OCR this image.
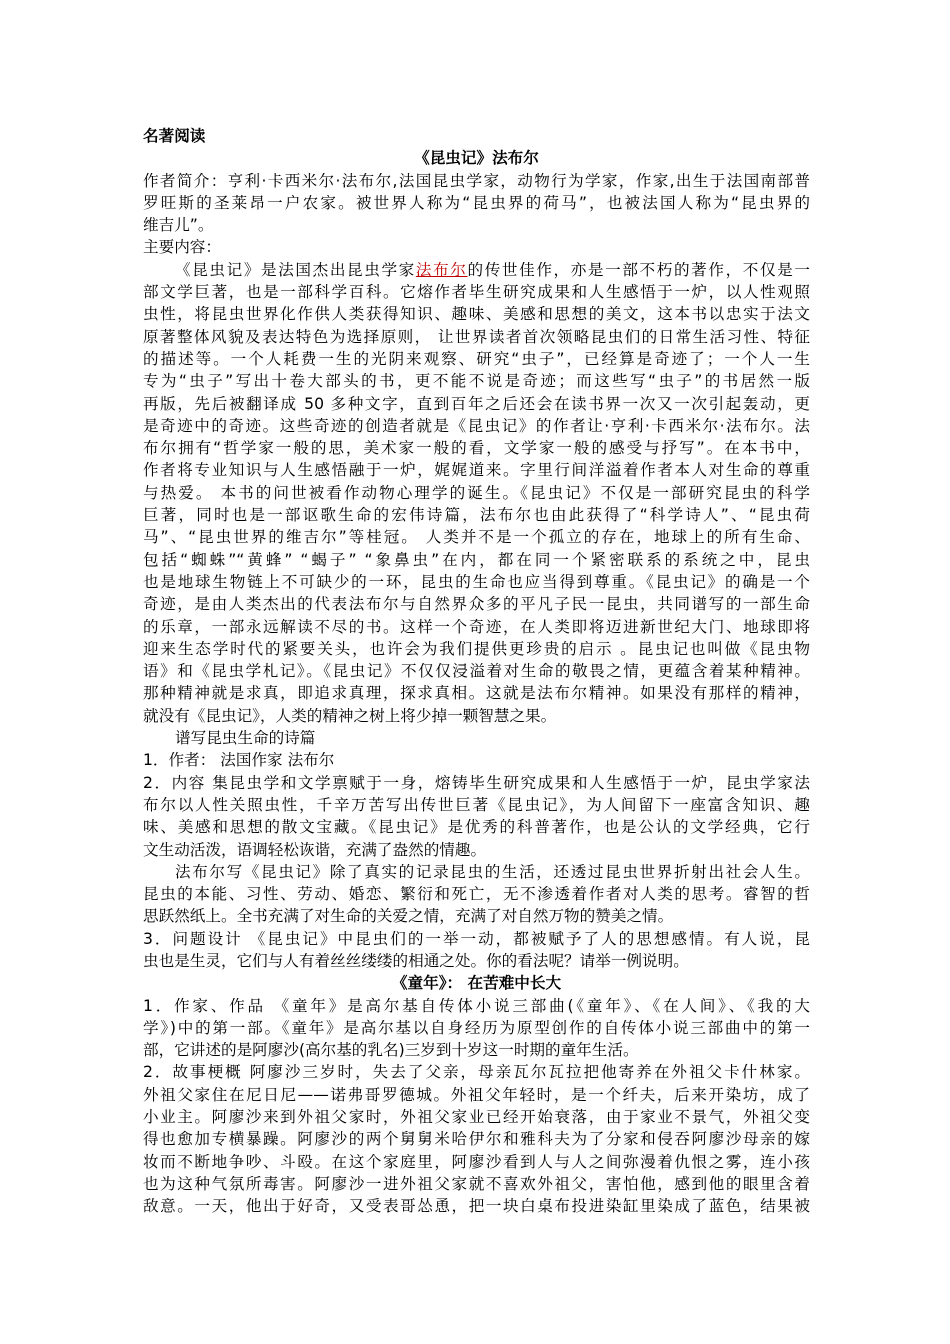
名著阅读
《昆虫记》法布尔
作者简介：亨利·卡西米尔·法布尔,法国昆虫学家，动物行为学家，作家,出生于法国南部普
罗旺斯的圣莱昂一户农家。被世界人称为“昆虫界的荷马”，也被法国人称为“昆虫界的
维吉儿”。
主要内容：
《昆虫记》是法国杰出昆虫学家法布尔的传世佳作，亦是一部不朽的著作，不仅是一
部文学巨著，也是一部科学百科。它熔作者毕生研究成果和人生感悟于一炉，以人性观照
虫性，将昆虫世界化作供人类获得知识、趣味、美感和思想的美文，这本书以忠实于法文
原著整体风貌及表达特色为选择原则， 让世界读者首次领略昆虫们的日常生活习性、特征
的描述等。一个人耗费一生的光阴来观察、研究“虫子”，已经算是奇迹了；一个人一生
专为“虫子”写出十卷大部头的书，更不能不说是奇迹；而这些写“虫子”的书居然一版
再版，先后被翻译成 50 多种文字，直到百年之后还会在读书界一次又一次引起轰动，更
是奇迹中的奇迹。这些奇迹的创造者就是《昆虫记》的作者让·亨利·卡西米尔·法布尔。法
布尔拥有“哲学家一般的思，美术家一般的看，文学家一般的感受与抒写”。在本书中，
作者将专业知识与人生感悟融于一炉，娓娓道来。字里行间洋溢着作者本人对生命的尊重
与热爱。 本书的问世被看作动物心理学的诞生。《昆虫记》不仅是一部研究昆虫的科学
巨著，同时也是一部讴歌生命的宏伟诗篇，法布尔也由此获得了“科学诗人”、“昆虫荷
马”、“昆虫世界的维吉尔”等桂冠。 人类并不是一个孤立的存在，地球上的所有生命、
包括“蜘蛛”“黄蜂” “蝎子” “象鼻虫”在内，都在同一个紧密联系的系统之中，昆虫
也是地球生物链上不可缺少的一环，昆虫的生命也应当得到尊重。《昆虫记》的确是一个
奇迹，是由人类杰出的代表法布尔与自然界众多的平凡子民一昆虫，共同谱写的一部生命
的乐章，一部永远解读不尽的书。这样一个奇迹，在人类即将迈进新世纪大门、地球即将
迎来生态学时代的紧要关头，也许会为我们提供更珍贵的启示 。昆虫记也叫做《昆虫物
语》和《昆虫学札记》。《昆虫记》不仅仅浸溢着对生命的敬畏之情，更蕴含着某种精神。
那种精神就是求真，即追求真理，探求真相。这就是法布尔精神。如果没有那样的精神，
就没有《昆虫记》，人类的精神之树上将少掉一颗智慧之果。
谱写昆虫生命的诗篇
1．作者： 法国作家 法布尔
2．内容 集昆虫学和文学禀赋于一身，熔铸毕生研究成果和人生感悟于一炉，昆虫学家法
布尔以人性关照虫性，千辛万苦写出传世巨著《昆虫记》，为人间留下一座富含知识、趣
味、美感和思想的散文宝藏。《昆虫记》是优秀的科普著作，也是公认的文学经典，它行
文生动活泼，语调轻松诙谐，充满了盎然的情趣。
法布尔写《昆虫记》除了真实的记录昆虫的生活，还透过昆虫世界折射出社会人生。
昆虫的本能、习性、劳动、婚恋、繁衍和死亡，无不渗透着作者对人类的思考。睿智的哲
思跃然纸上。全书充满了对生命的关爱之情，充满了对自然万物的赞美之情。
3．问题设计 《昆虫记》中昆虫们的一举一动，都被赋予了人的思想感情。有人说，昆
虫也是生灵，它们与人有着丝丝缕缕的相通之处。你的看法呢？请举一例说明。
《童年》： 在苦难中长大
1．作家、作品 《童年》是高尔基自传体小说三部曲(《童年》、《在人间》、《我的大
学》)中的第一部。《童年》是高尔基以自身经历为原型创作的自传体小说三部曲中的第一
部，它讲述的是阿廖沙(高尔基的乳名)三岁到十岁这一时期的童年生活。
2．故事梗概 阿廖沙三岁时，失去了父亲，母亲瓦尔瓦拉把他寄养在外祖父卡什林家。
外祖父家住在尼日尼——诺弗哥罗德城。外祖父年轻时，是一个纤夫，后来开染坊，成了
小业主。阿廖沙来到外祖父家时，外祖父家业已经开始衰落，由于家业不景气，外祖父变
得也愈加专横暴躁。阿廖沙的两个舅舅米哈伊尔和雅科夫为了分家和侵吞阿廖沙母亲的嫁
妆而不断地争吵、斗殴。在这个家庭里，阿廖沙看到人与人之间弥漫着仇恨之雾，连小孩
也为这种气氛所毒害。阿廖沙一进外祖父家就不喜欢外祖父，害怕他，感到他的眼里含着
敌意。一天，他出于好奇，又受表哥怂恿，把一块白桌布投进染缸里染成了蓝色，结果被
